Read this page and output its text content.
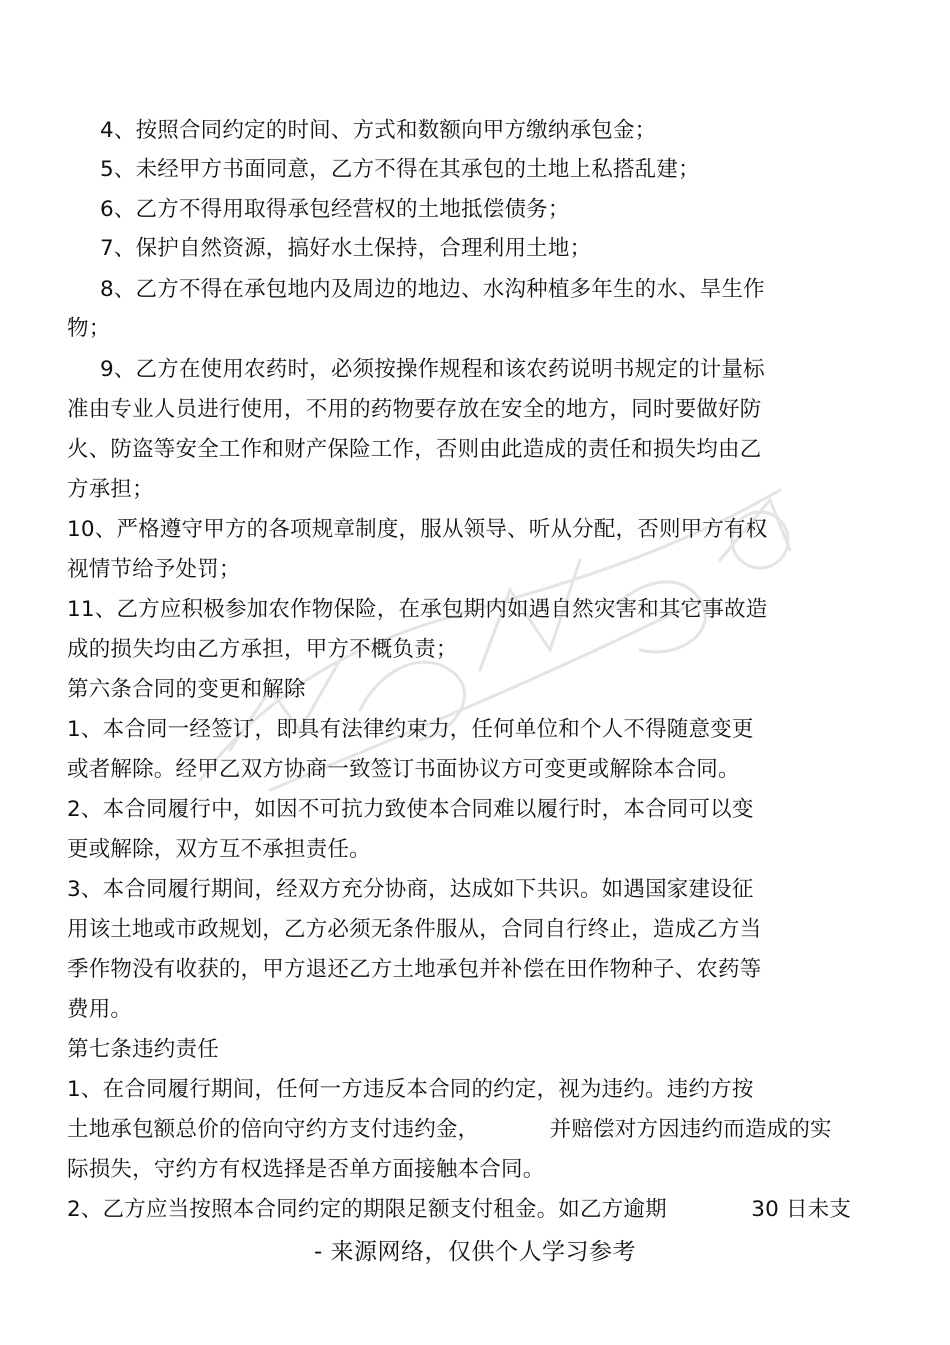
4、按照合同约定的时间、方式和数额向甲方缴纳承包金；
5、未经甲方书面同意，乙方不得在其承包的土地上私搭乱建；
6、乙方不得用取得承包经营权的土地抵偿债务；
7、保护自然资源，搞好水土保持，合理利用土地；
8、乙方不得在承包地内及周边的地边、水沟种植多年生的水、旱生作
物；
9、乙方在使用农药时，必须按操作规程和该农药说明书规定的计量标
准由专业人员进行使用，不用的药物要存放在安全的地方，同时要做好防
火、防盗等安全工作和财产保险工作，否则由此造成的责任和损失均由乙
方承担；
10、严格遵守甲方的各项规章制度，服从领导、听从分配，否则甲方有权
视情节给予处罚；
11、乙方应积极参加农作物保险，在承包期内如遇自然灾害和其它事故造
成的损失均由乙方承担，甲方不概负责；
第六条合同的变更和解除
1、本合同一经签订，即具有法律约束力，任何单位和个人不得随意变更
或者解除。经甲乙双方协商一致签订书面协议方可变更或解除本合同。
2、本合同履行中，如因不可抗力致使本合同难以履行时，本合同可以变
更或解除，双方互不承担责任。
3、本合同履行期间，经双方充分协商，达成如下共识。如遇国家建设征
用该土地或市政规划，乙方必须无条件服从，合同自行终止，造成乙方当
季作物没有收获的，甲方退还乙方土地承包并补偿在田作物种子、农药等
费用。
第七条违约责任
1、在合同履行期间，任何一方违反本合同的约定，视为违约。违约方按
土地承包额总价的倍向守约方支付违约金，          并赔偿对方因违约而造成的实
际损失，守约方有权选择是否单方面接触本合同。
2、乙方应当按照本合同约定的期限足额支付租金。如乙方逾期            30 日未支
- 来源网络，仅供个人学习参考
